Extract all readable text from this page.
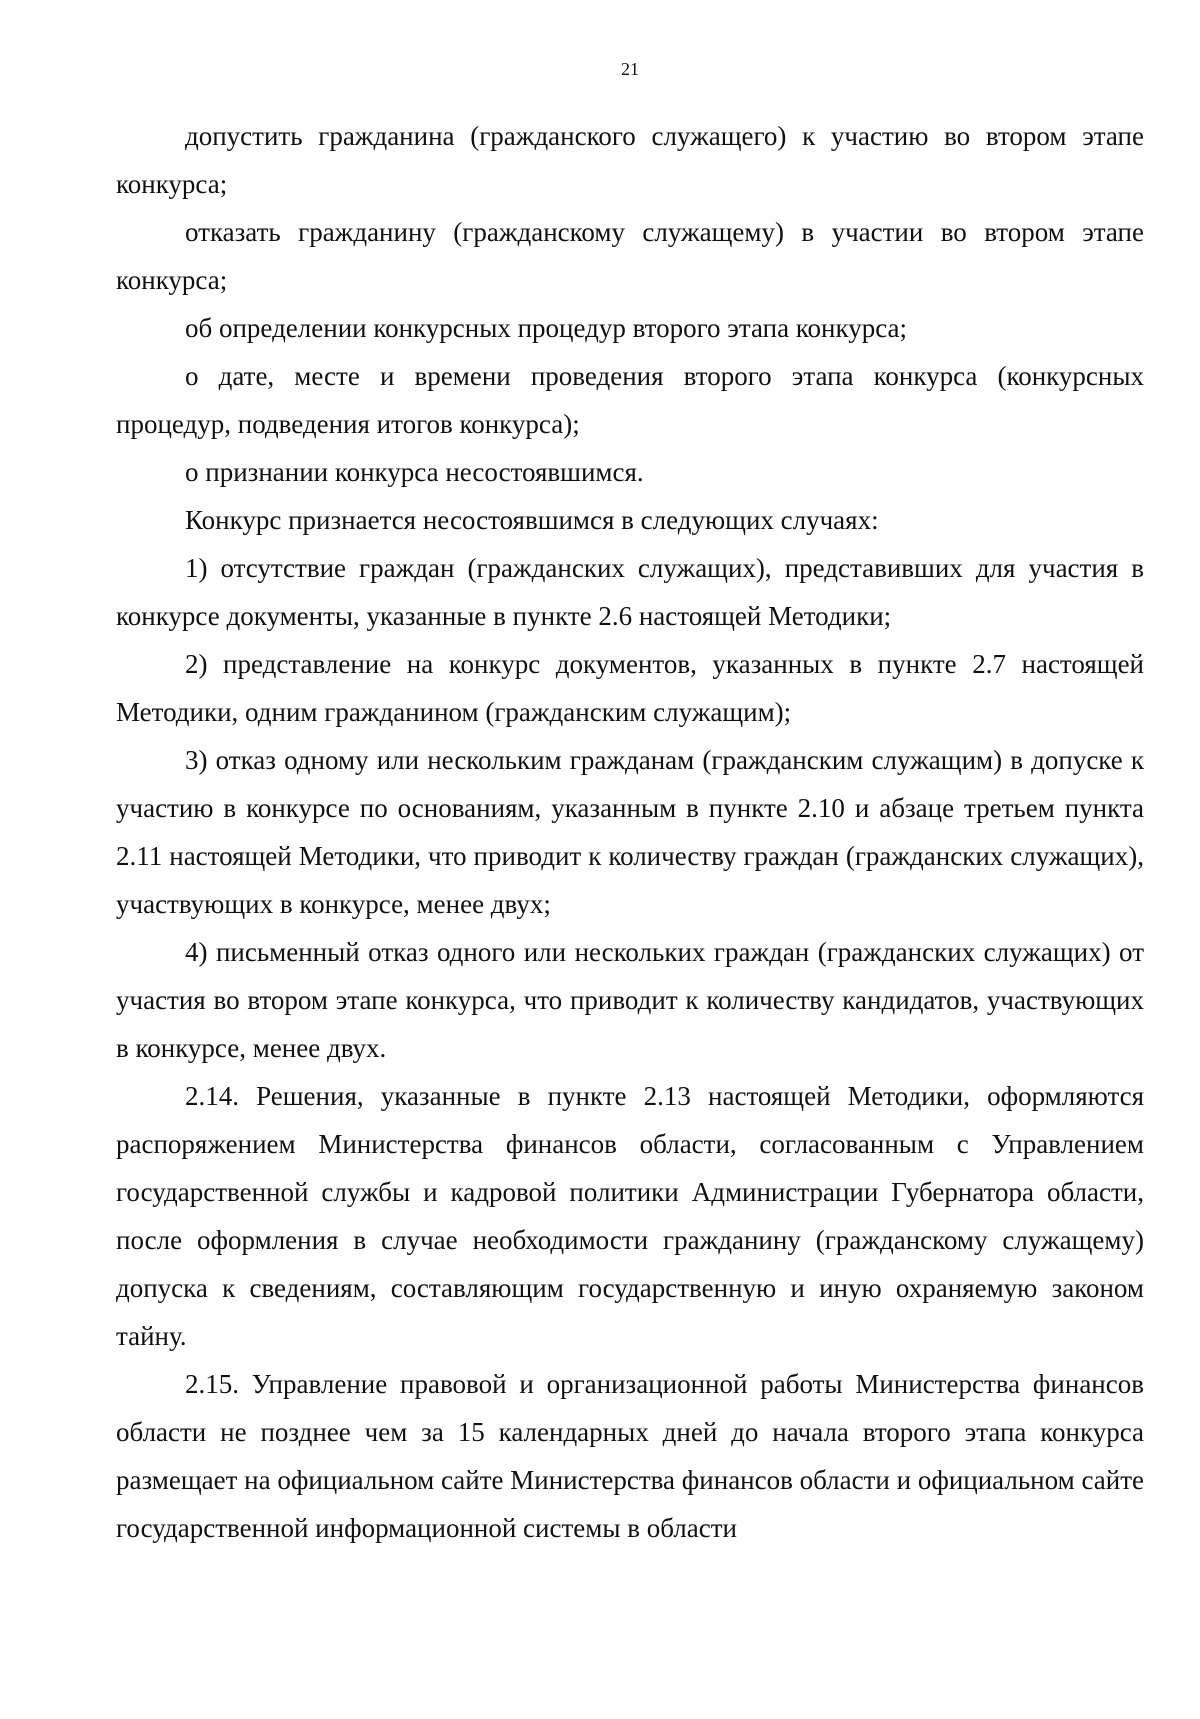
21

допустить гражданина (гражданского служащего) к участию во втором этапе конкурса;

отказать гражданину (гражданскому служащему) в участии во втором этапе конкурса;

об определении конкурсных процедур второго этапа конкурса;

о дате, месте и времени проведения второго этапа конкурса (конкурсных процедур, подведения итогов конкурса);

о признании конкурса несостоявшимся.

Конкурс признается несостоявшимся в следующих случаях:

1) отсутствие граждан (гражданских служащих), представивших для участия в конкурсе документы, указанные в пункте 2.6 настоящей Методики;

2) представление на конкурс документов, указанных в пункте 2.7 настоящей Методики, одним гражданином (гражданским служащим);

3) отказ одному или нескольким гражданам (гражданским служащим) в допуске к участию в конкурсе по основаниям, указанным в пункте 2.10 и абзаце третьем пункта 2.11 настоящей Методики, что приводит к количеству граждан (гражданских служащих), участвующих в конкурсе, менее двух;

4) письменный отказ одного или нескольких граждан (гражданских служащих) от участия во втором этапе конкурса, что приводит к количеству кандидатов, участвующих в конкурсе, менее двух.

2.14. Решения, указанные в пункте 2.13 настоящей Методики, оформляются распоряжением Министерства финансов области, согласованным с Управлением государственной службы и кадровой политики Администрации Губернатора области, после оформления в случае необходимости гражданину (гражданскому служащему) допуска к сведениям, составляющим государственную и иную охраняемую законом тайну.

2.15. Управление правовой и организационной работы Министерства финансов области не позднее чем за 15 календарных дней до начала второго этапа конкурса размещает на официальном сайте Министерства финансов области и официальном сайте государственной информационной системы в области
